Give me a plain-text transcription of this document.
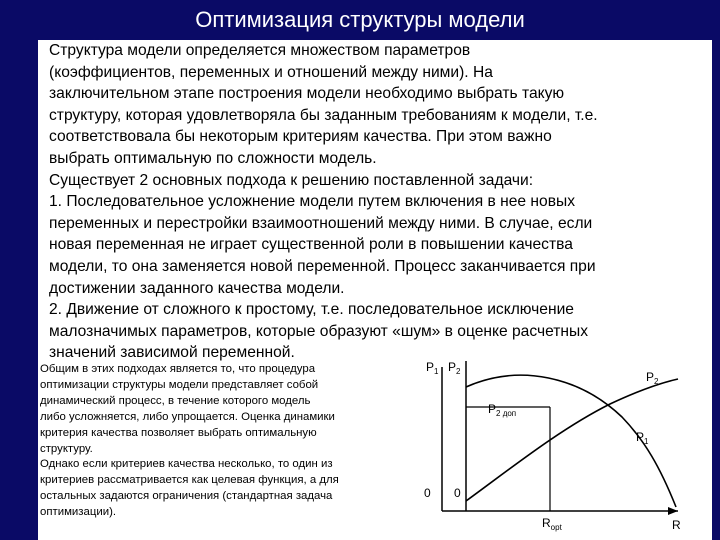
Оптимизация структуры модели
Структура модели определяется множеством параметров
(коэффициентов, переменных и отношений между ними). На
заключительном этапе построения модели необходимо выбрать такую
структуру, которая удовлетворяла бы заданным требованиям к модели, т.е.
соответствовала бы некоторым критериям качества. При этом важно
выбрать оптимальную по сложности модель.
Существует 2 основных подхода к решению поставленной задачи:
1. Последовательное усложнение модели путем включения в нее новых
переменных и перестройки взаимоотношений между ними. В случае, если
новая переменная не играет существенной роли в повышении качества
модели, то она заменяется новой переменной. Процесс заканчивается при
достижении заданного качества модели.
2. Движение от сложного к простому, т.е. последовательное исключение
малозначимых параметров, которые образуют «шум» в оценке расчетных
значений зависимой переменной.
Общим в этих подходах является то, что процедура
оптимизации структуры модели представляет собой
динамический процесс, в течение которого модель
либо усложняется, либо упрощается. Оценка динамики
критерия качества позволяет выбрать оптимальную
структуру.
Однако если критериев качества несколько, то один из
критериев рассматривается как целевая функция, а для
остальных задаются ограничения (стандартная задача
оптимизации).
$P_1$ $P_2$	$P_2$
$P_{2 доп}$
$P_1$
0 0
$R_{opt}$	R
